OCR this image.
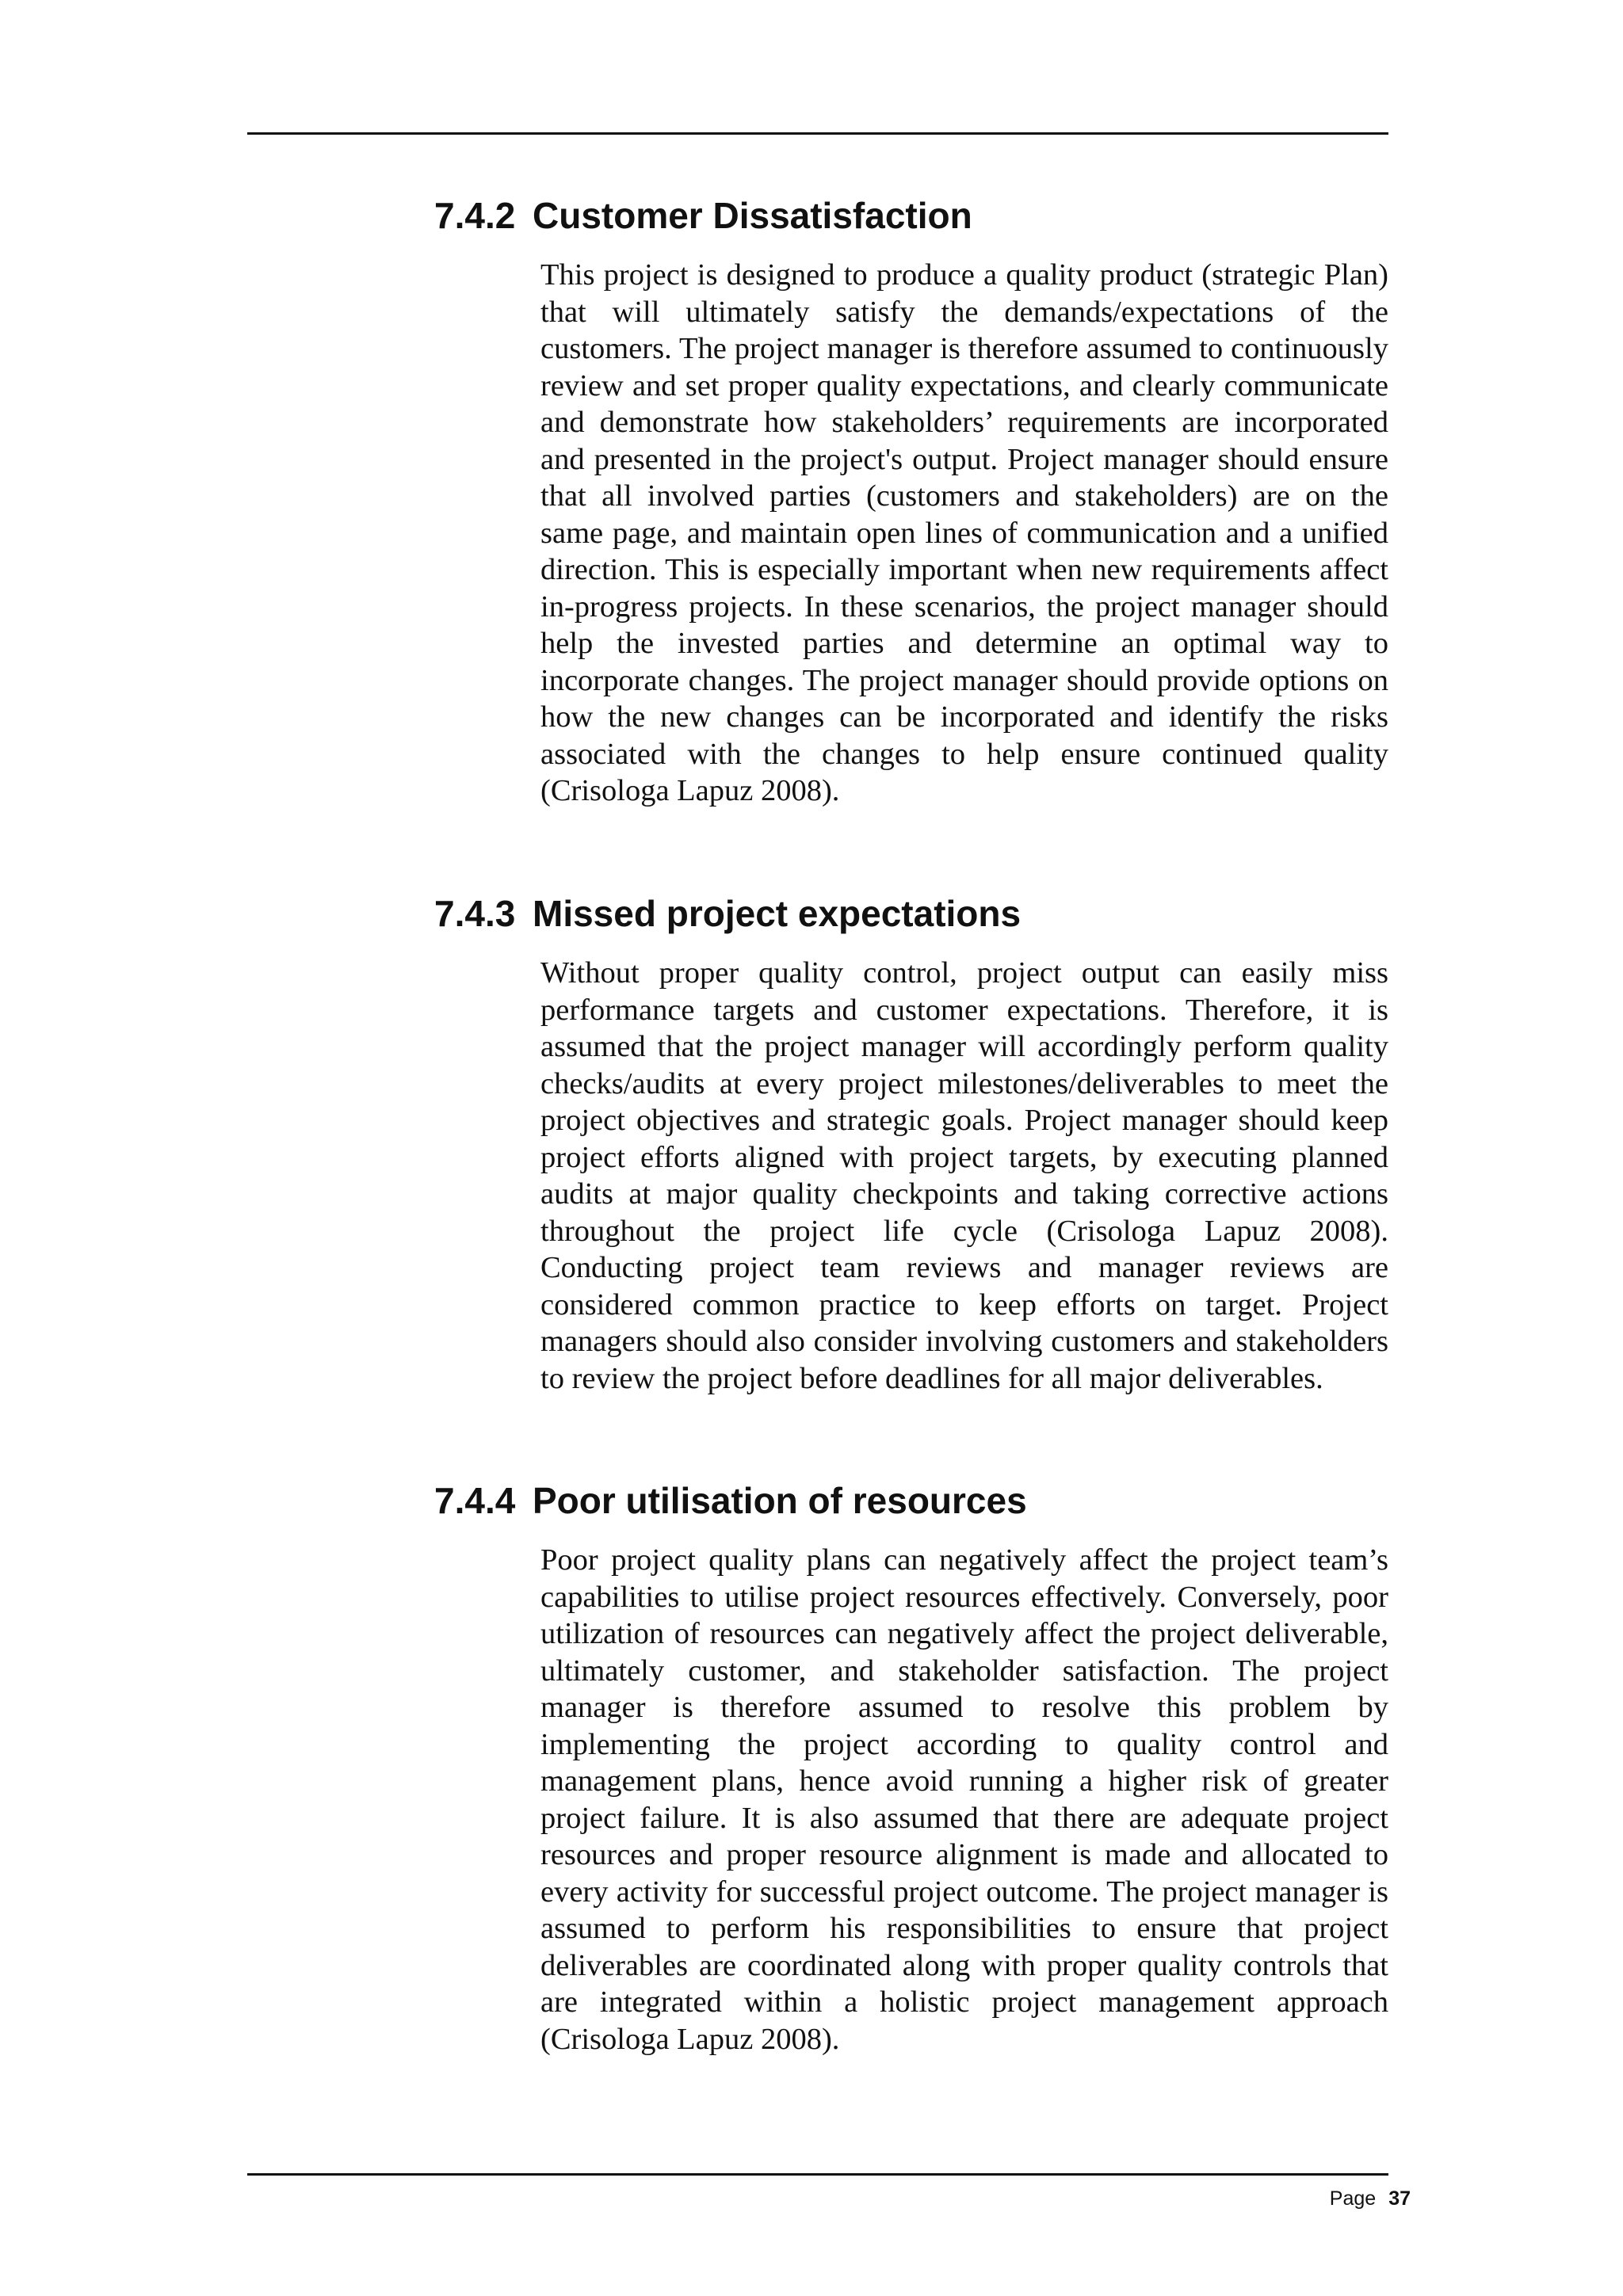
7.4.2 Customer Dissatisfaction
This project is designed to produce a quality product (strategic Plan) that will ultimately satisfy the demands/expectations of the customers. The project manager is therefore assumed to continuously review and set proper quality expectations, and clearly communicate and demonstrate how stakeholders’ requirements are incorporated and presented in the project's output. Project manager should ensure that all involved parties (customers and stakeholders) are on the same page, and maintain open lines of communication and a unified direction. This is especially important when new requirements affect in-progress projects. In these scenarios, the project manager should help the invested parties and determine an optimal way to incorporate changes. The project manager should provide options on how the new changes can be incorporated and identify the risks associated with the changes to help ensure continued quality (Crisologa Lapuz 2008).
7.4.3 Missed project expectations
Without proper quality control, project output can easily miss performance targets and customer expectations. Therefore, it is assumed that the project manager will accordingly perform quality checks/audits at every project milestones/deliverables to meet the project objectives and strategic goals. Project manager should keep project efforts aligned with project targets, by executing planned audits at major quality checkpoints and taking corrective actions throughout the project life cycle (Crisologa Lapuz 2008). Conducting project team reviews and manager reviews are considered common practice to keep efforts on target. Project managers should also consider involving customers and stakeholders to review the project before deadlines for all major deliverables.
7.4.4 Poor utilisation of resources
Poor project quality plans can negatively affect the project team’s capabilities to utilise project resources effectively. Conversely, poor utilization of resources can negatively affect the project deliverable, ultimately customer, and stakeholder satisfaction. The project manager is therefore assumed to resolve this problem by implementing the project according to quality control and management plans, hence avoid running a higher risk of greater project failure. It is also assumed that there are adequate project resources and proper resource alignment is made and allocated to every activity for successful project outcome. The project manager is assumed to perform his responsibilities to ensure that project deliverables are coordinated along with proper quality controls that are integrated within a holistic project management approach (Crisologa Lapuz 2008).
Page 37
